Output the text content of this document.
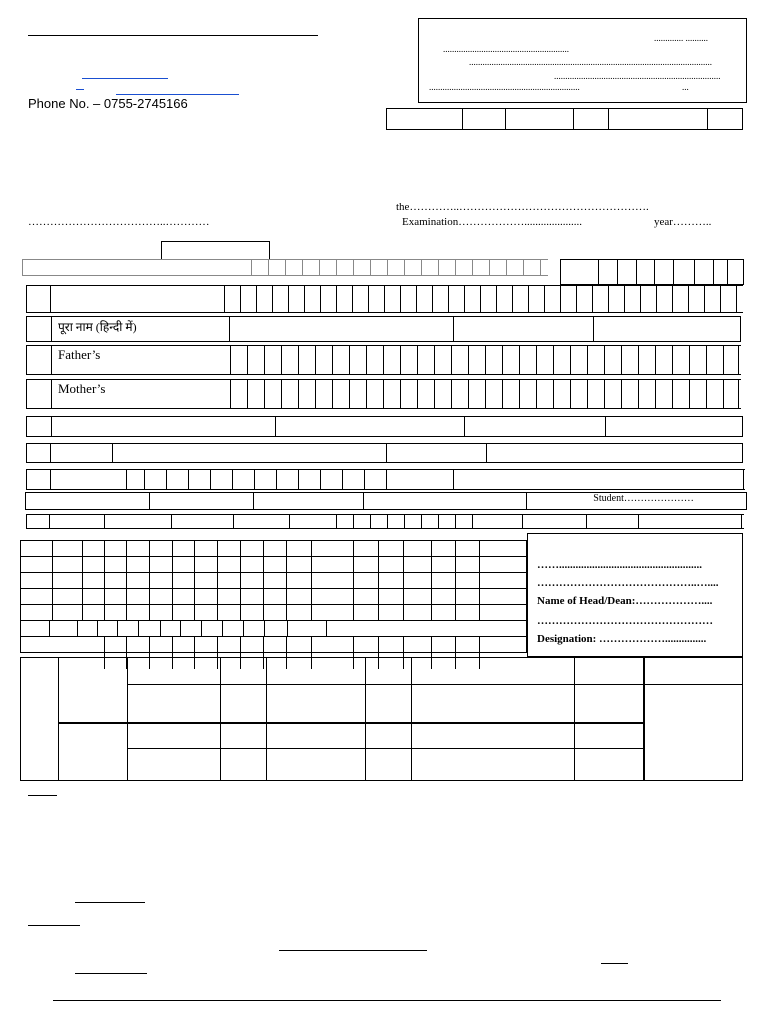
Phone No. – 0755-2745166
............. ..........
........................................................
............................................................................................................
..........................................................................
...................................................................	...
the…………..…………………………………………….
………………………………..…………	Examination……………….....................	year………..
पूरा नाम (हिन्दी में)
Father’s
Mother’s
Student…………………
……....................................................
……………………………………..…....
Name of Head/Dean:………………....
…………………………………………
Designation: ………………...............
